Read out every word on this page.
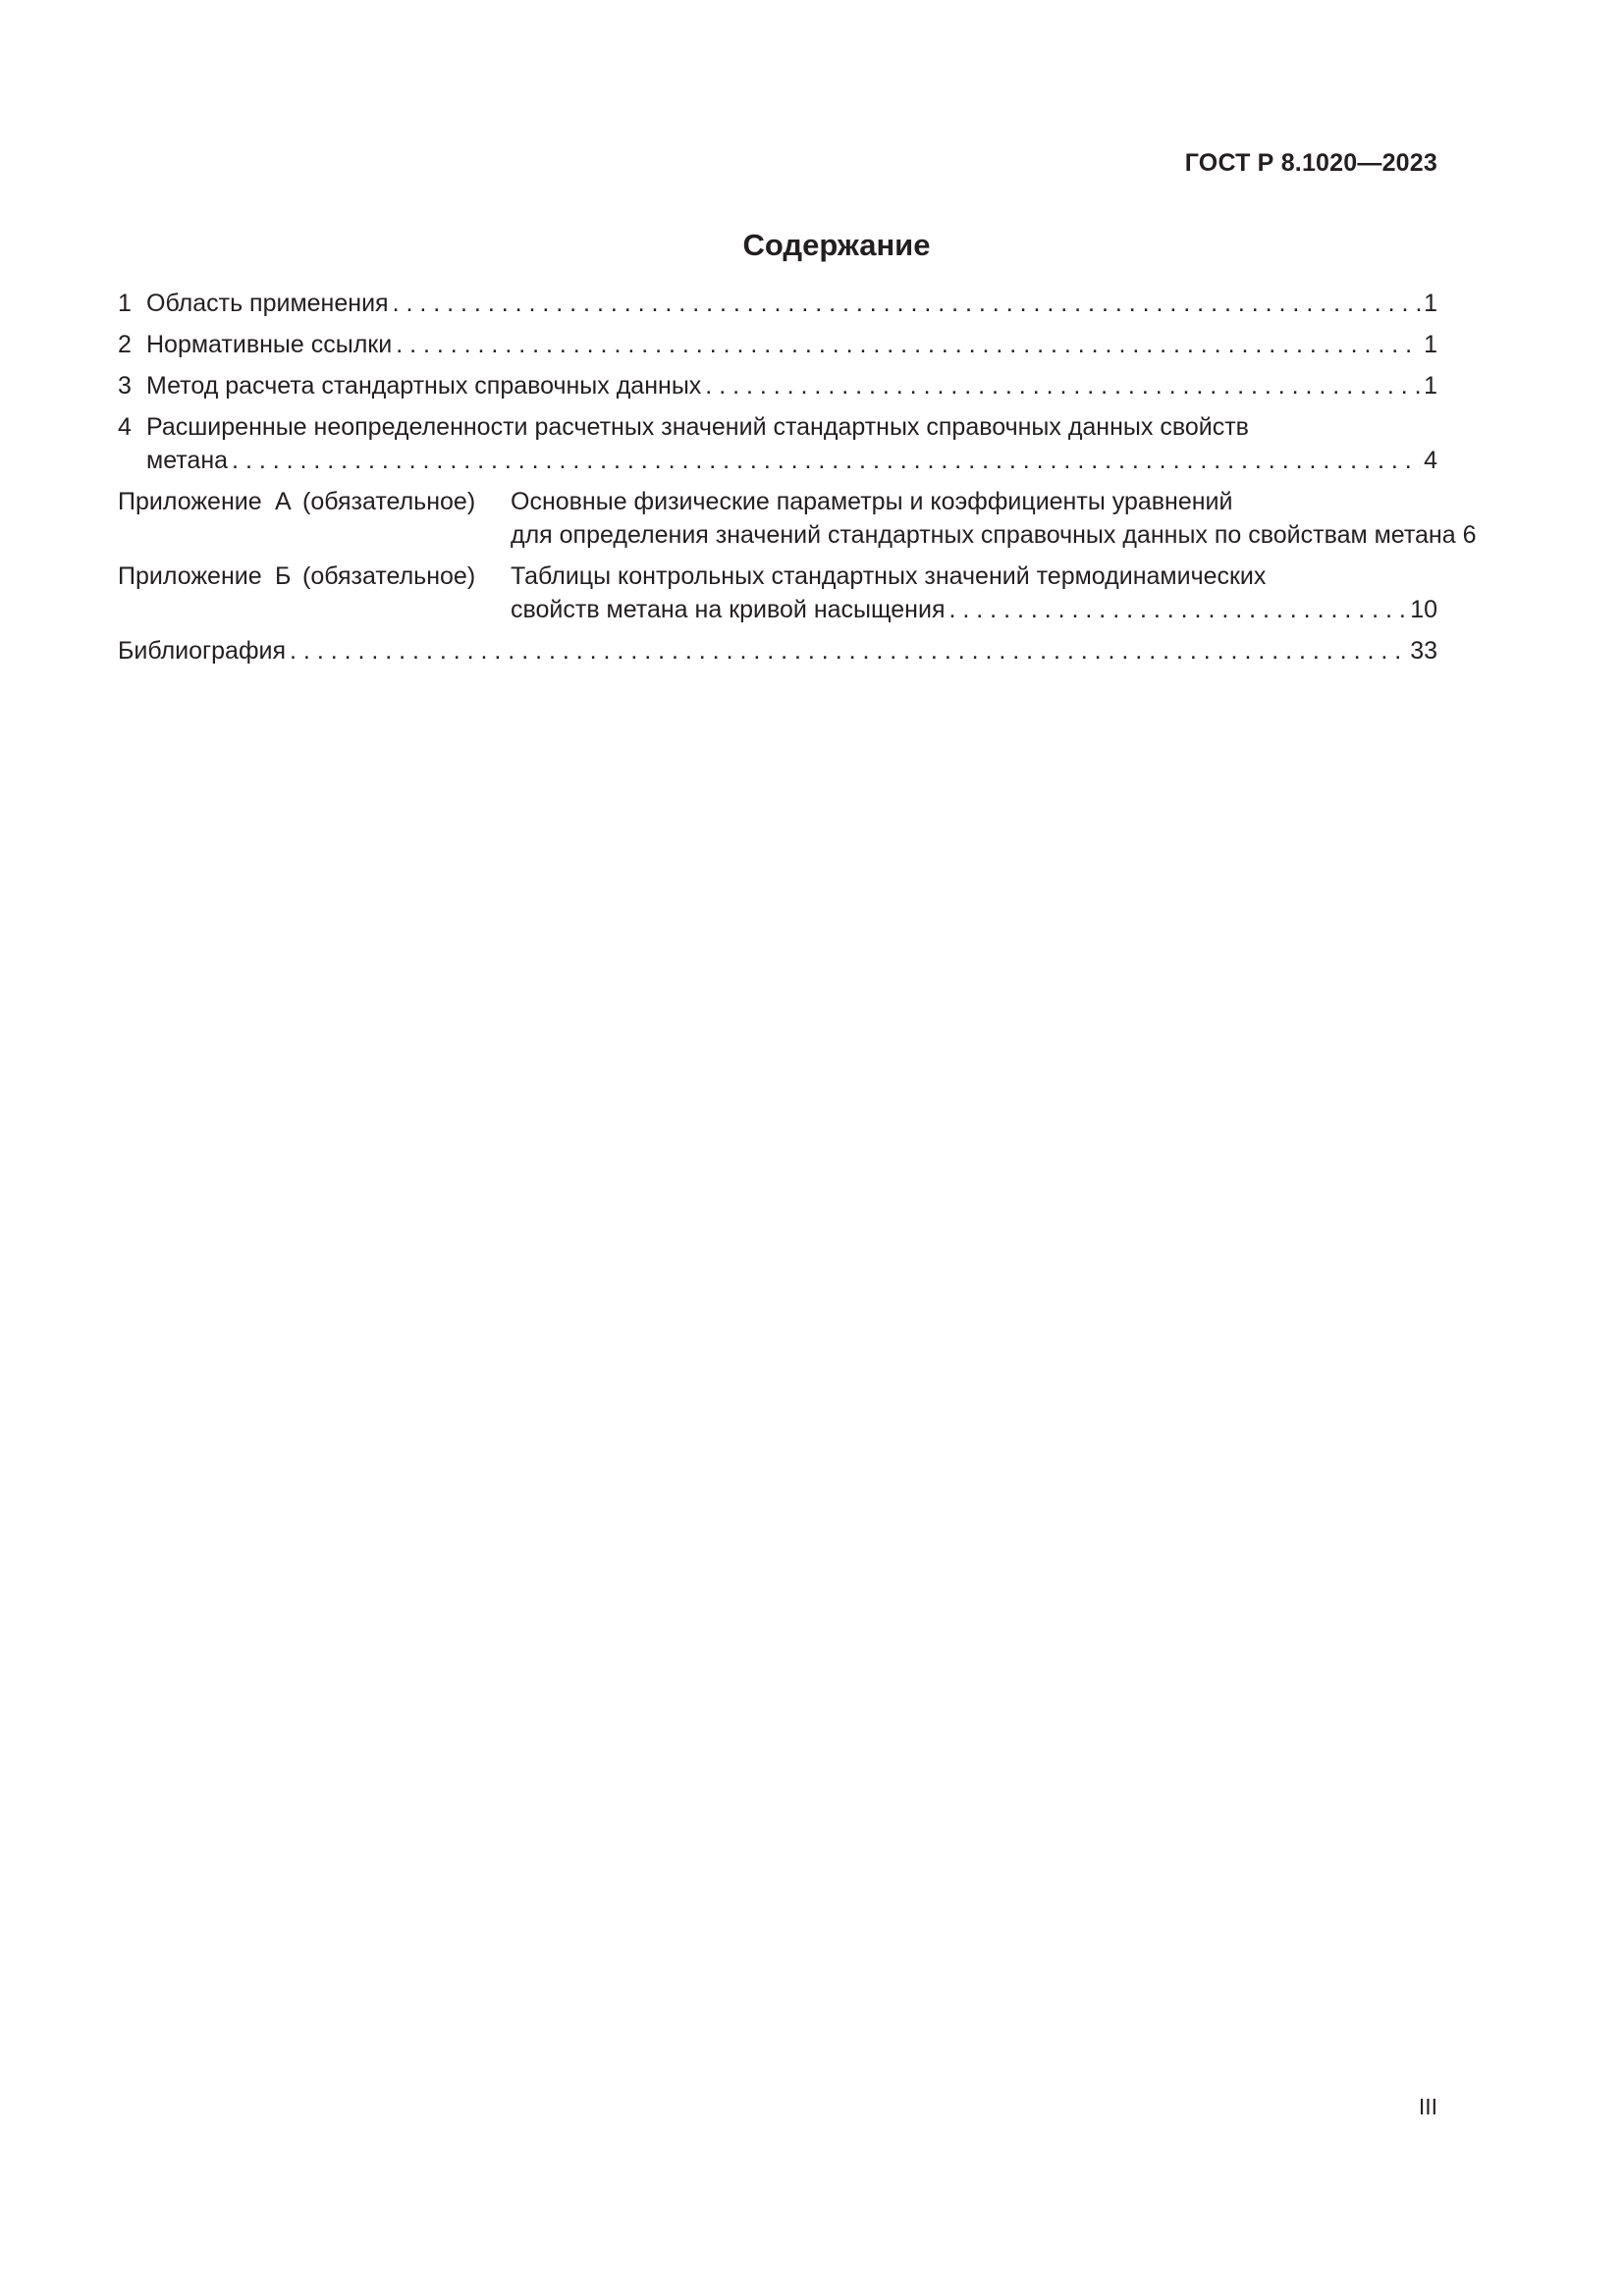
ГОСТ Р 8.1020—2023
Содержание
1 Область применения . . .	1
2 Нормативные ссылки . . .	1
3 Метод расчета стандартных справочных данных . . .	1
4 Расширенные неопределенности расчетных значений стандартных справочных данных свойств
метана . . .	4
Приложение А (обязательное)	Основные физические параметры и коэффициенты уравнений
для определения значений стандартных справочных данных по свойствам метана 6
Приложение Б (обязательное)	Таблицы контрольных стандартных значений термодинамических
свойств метана на кривой насыщения . . .	10
Библиография . . .	33
III
